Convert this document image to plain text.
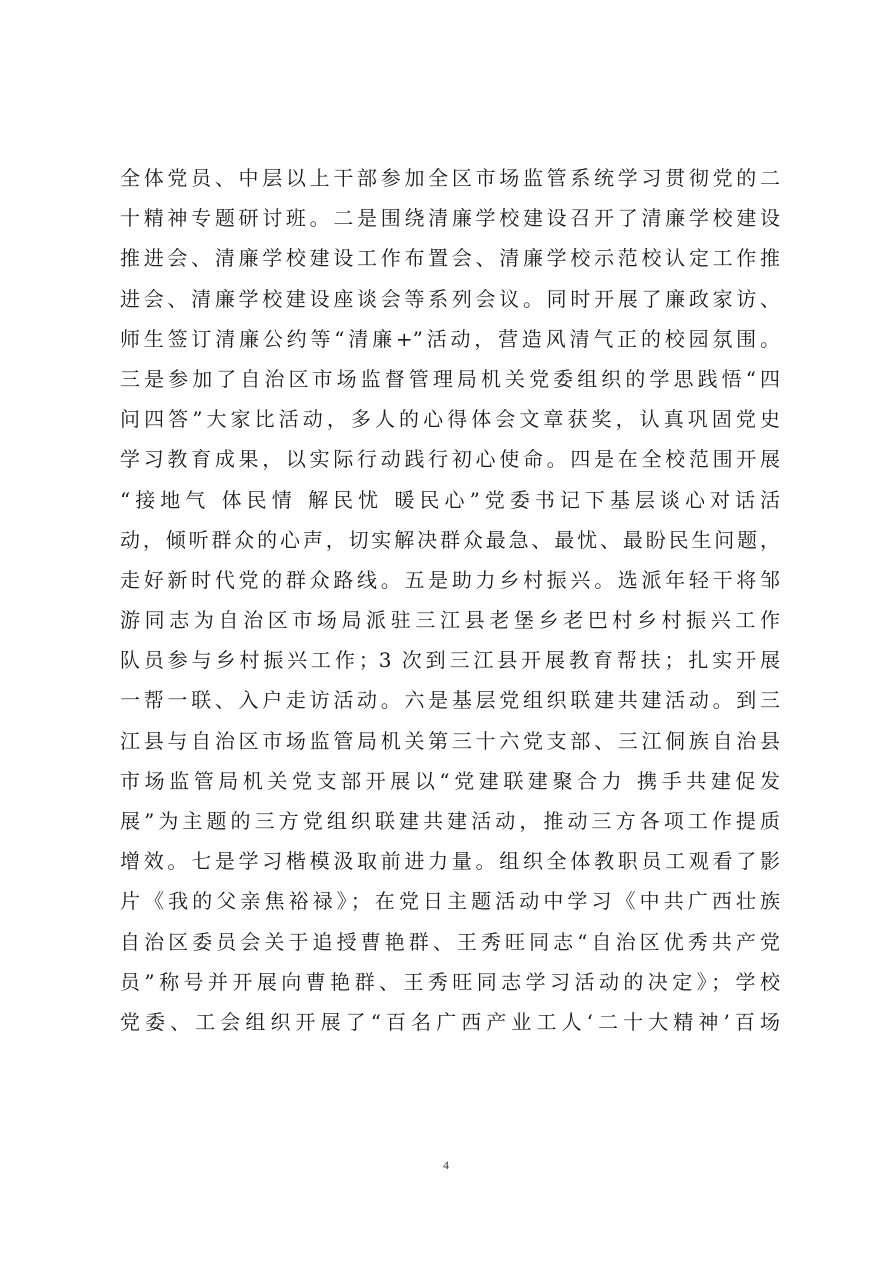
全体党员、中层以上干部参加全区市场监管系统学习贯彻党的二
十精神专题研讨班。二是围绕清廉学校建设召开了清廉学校建设
推进会、清廉学校建设工作布置会、清廉学校示范校认定工作推
进会、清廉学校建设座谈会等系列会议。同时开展了廉政家访、
师生签订清廉公约等“清廉+”活动，营造风清气正的校园氛围。
三是参加了自治区市场监督管理局机关党委组织的学思践悟“四
问四答”大家比活动，多人的心得体会文章获奖，认真巩固党史
学习教育成果，以实际行动践行初心使命。四是在全校范围开展
“接地气 体民情 解民忧 暖民心”党委书记下基层谈心对话活
动，倾听群众的心声，切实解决群众最急、最忧、最盼民生问题，
走好新时代党的群众路线。五是助力乡村振兴。选派年轻干将邹
游同志为自治区市场局派驻三江县老堡乡老巴村乡村振兴工作
队员参与乡村振兴工作；3 次到三江县开展教育帮扶；扎实开展
一帮一联、入户走访活动。六是基层党组织联建共建活动。到三
江县与自治区市场监管局机关第三十六党支部、三江侗族自治县
市场监管局机关党支部开展以“党建联建聚合力 携手共建促发
展”为主题的三方党组织联建共建活动，推动三方各项工作提质
增效。七是学习楷模汲取前进力量。组织全体教职员工观看了影
片《我的父亲焦裕禄》；在党日主题活动中学习《中共广西壮族
自治区委员会关于追授曹艳群、王秀旺同志“自治区优秀共产党
员”称号并开展向曹艳群、王秀旺同志学习活动的决定》；学校
党委、工会组织开展了“百名广西产业工人‘二十大精神’百场
4
